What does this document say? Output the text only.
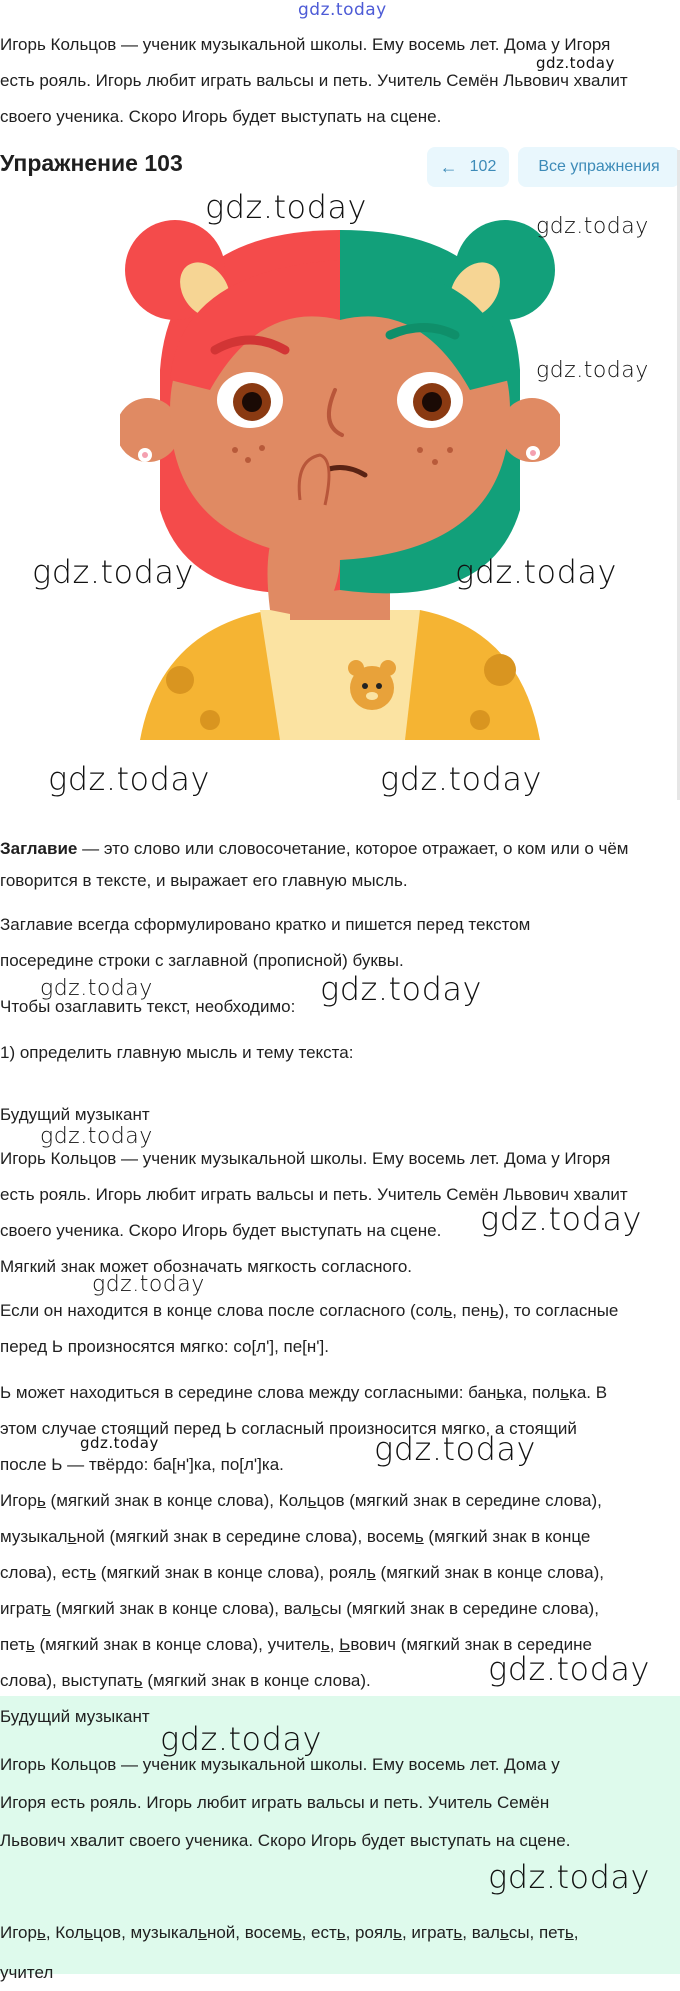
gdz.today

Игорь Кольцов — ученик музыкальной школы. Ему восемь лет. Дома у Игоря

gdz.today

есть рояль. Игорь любит играть вальсы и петь. Учитель Семён Львович хвалит

своего ученика. Скоро Игорь будет выступать на сцене.

Упражнение 103	← 102	Все упражнения
gdz.today
gdz.today
gdz.today
gdz.today	gdz.today
gdz.today	gdz.today

Заглавие — это слово или словосочетание, которое отражает, о ком или о чём

говорится в тексте, и выражает его главную мысль.

Заглавие всегда сформулировано кратко и пишется перед текстом

посередине строки с заглавной (прописной) буквы.

gdz.today	gdz.today

Чтобы озаглавить текст, необходимо:

1) определить главную мысль и тему текста:

Будущий музыкант

gdz.today

Игорь Кольцов — ученик музыкальной школы. Ему восемь лет. Дома у Игоря

есть рояль. Игорь любит играть вальсы и петь. Учитель Семён Львович хвалит

своего ученика. Скоро Игорь будет выступать на сцене.	gdz.today

Мягкий знак может обозначать мягкость согласного.

gdz.today

Если он находится в конце слова после согласного (соль, пень), то согласные

перед Ь произносятся мягко: со[л'], пе[н'].

Ь может находиться в середине слова между согласными: банька, полька. В

этом случае стоящий перед Ь согласный произносится мягко, а стоящий

gdz.today	gdz.today

после Ь — твёрдо: ба[н']ка, по[л']ка.

Игорь (мягкий знак в конце слова), Кольцов (мягкий знак в середине слова),

музыкальной (мягкий знак в середине слова), восемь (мягкий знак в конце

слова), есть (мягкий знак в конце слова), рояль (мягкий знак в конце слова),

играть (мягкий знак в конце слова), вальсы (мягкий знак в середине слова),

петь (мягкий знак в конце слова), учитель, Ьвович (мягкий знак в середине

слова), выступать (мягкий знак в конце слова).	gdz.today

Будущий музыкант

gdz.today

Игорь Кольцов — ученик музыкальной школы. Ему восемь лет. Дома у

Игоря есть рояль. Игорь любит играть вальсы и петь. Учитель Семён

Львович хвалит своего ученика. Скоро Игорь будет выступать на сцене.

gdz.today

Игорь, Кольцов, музыкальной, восемь, есть, рояль, играть, вальсы, петь,

учител
